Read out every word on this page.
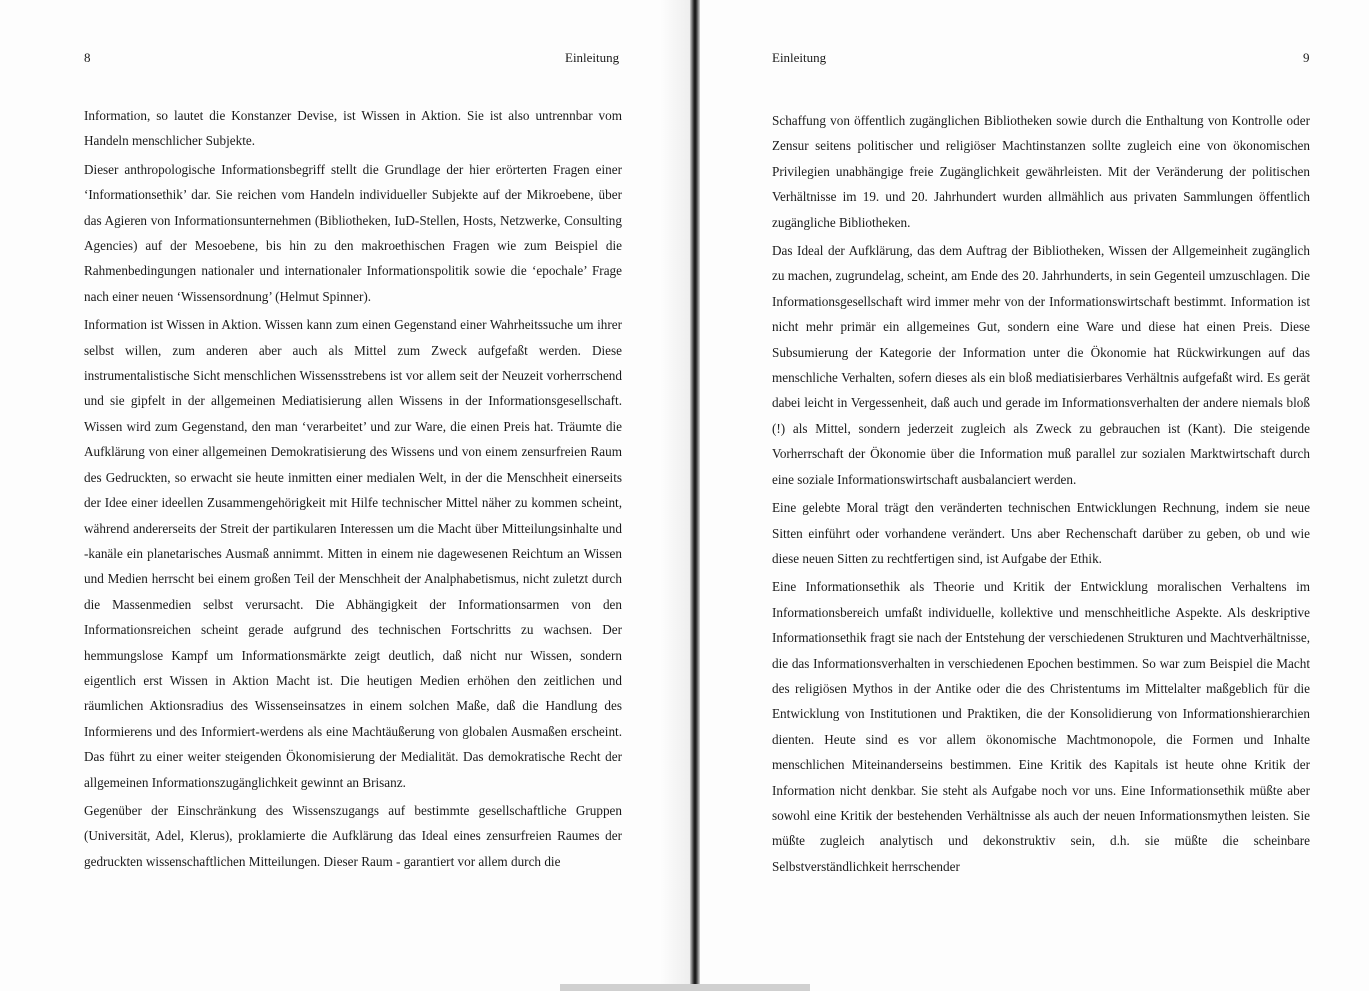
8	Einleitung

Information, so lautet die Konstanzer Devise, ist Wissen in Aktion. Sie ist also untrennbar vom Handeln menschlicher Subjekte.

Dieser anthropologische Informationsbegriff stellt die Grundlage der hier erörterten Fragen einer ‘Informationsethik’ dar. Sie reichen vom Handeln individueller Subjekte auf der Mikroebene, über das Agieren von Informationsunternehmen (Bibliotheken, IuD-Stellen, Hosts, Netzwerke, Consulting Agencies) auf der Mesoebene, bis hin zu den makroethischen Fragen wie zum Beispiel die Rahmenbedingungen nationaler und internationaler Informationspolitik sowie die ‘epochale’ Frage nach einer neuen ‘Wissensordnung’ (Helmut Spinner).

Information ist Wissen in Aktion. Wissen kann zum einen Gegenstand einer Wahrheitssuche um ihrer selbst willen, zum anderen aber auch als Mittel zum Zweck aufgefaßt werden. Diese instrumentalistische Sicht menschlichen Wissensstrebens ist vor allem seit der Neuzeit vorherrschend und sie gipfelt in der allgemeinen Mediatisierung allen Wissens in der Informationsgesellschaft. Wissen wird zum Gegenstand, den man ‘verarbeitet’ und zur Ware, die einen Preis hat. Träumte die Aufklärung von einer allgemeinen Demokratisierung des Wissens und von einem zensurfreien Raum des Gedruckten, so erwacht sie heute inmitten einer medialen Welt, in der die Menschheit einerseits der Idee einer ideellen Zusammengehörigkeit mit Hilfe technischer Mittel näher zu kommen scheint, während andererseits der Streit der partikularen Interessen um die Macht über Mitteilungsinhalte und -kanäle ein planetarisches Ausmaß annimmt. Mitten in einem nie dagewesenen Reichtum an Wissen und Medien herrscht bei einem großen Teil der Menschheit der Analphabetismus, nicht zuletzt durch die Massenmedien selbst verursacht. Die Abhängigkeit der Informationsarmen von den Informationsreichen scheint gerade aufgrund des technischen Fortschritts zu wachsen. Der hemmungslose Kampf um Informationsmärkte zeigt deutlich, daß nicht nur Wissen, sondern eigentlich erst Wissen in Aktion Macht ist. Die heutigen Medien erhöhen den zeitlichen und räumlichen Aktionsradius des Wissenseinsatzes in einem solchen Maße, daß die Handlung des Informierens und des Informiert-werdens als eine Machtäußerung von globalen Ausmaßen erscheint. Das führt zu einer weiter steigenden Ökonomisierung der Medialität. Das demokratische Recht der allgemeinen Informationszugänglichkeit gewinnt an Brisanz.

Gegenüber der Einschränkung des Wissenszugangs auf bestimmte gesellschaftliche Gruppen (Universität, Adel, Klerus), proklamierte die Aufklärung das Ideal eines zensurfreien Raumes der gedruckten wissenschaftlichen Mitteilungen. Dieser Raum - garantiert vor allem durch die

Einleitung	9

Schaffung von öffentlich zugänglichen Bibliotheken sowie durch die Enthaltung von Kontrolle oder Zensur seitens politischer und religiöser Machtinstanzen sollte zugleich eine von ökonomischen Privilegien unabhängige freie Zugänglichkeit gewährleisten. Mit der Veränderung der politischen Verhältnisse im 19. und 20. Jahrhundert wurden allmählich aus privaten Sammlungen öffentlich zugängliche Bibliotheken.

Das Ideal der Aufklärung, das dem Auftrag der Bibliotheken, Wissen der Allgemeinheit zugänglich zu machen, zugrundelag, scheint, am Ende des 20. Jahrhunderts, in sein Gegenteil umzuschlagen. Die Informationsgesellschaft wird immer mehr von der Informationswirtschaft bestimmt. Information ist nicht mehr primär ein allgemeines Gut, sondern eine Ware und diese hat einen Preis. Diese Subsumierung der Kategorie der Information unter die Ökonomie hat Rückwirkungen auf das menschliche Verhalten, sofern dieses als ein bloß mediatisierbares Verhältnis aufgefaßt wird. Es gerät dabei leicht in Vergessenheit, daß auch und gerade im Informationsverhalten der andere niemals bloß (!) als Mittel, sondern jederzeit zugleich als Zweck zu gebrauchen ist (Kant). Die steigende Vorherrschaft der Ökonomie über die Information muß parallel zur sozialen Marktwirtschaft durch eine soziale Informationswirtschaft ausbalanciert werden.

Eine gelebte Moral trägt den veränderten technischen Entwicklungen Rechnung, indem sie neue Sitten einführt oder vorhandene verändert. Uns aber Rechenschaft darüber zu geben, ob und wie diese neuen Sitten zu rechtfertigen sind, ist Aufgabe der Ethik.

Eine Informationsethik als Theorie und Kritik der Entwicklung moralischen Verhaltens im Informationsbereich umfaßt individuelle, kollektive und menschheitliche Aspekte. Als deskriptive Informationsethik fragt sie nach der Entstehung der verschiedenen Strukturen und Machtverhältnisse, die das Informationsverhalten in verschiedenen Epochen bestimmen. So war zum Beispiel die Macht des religiösen Mythos in der Antike oder die des Christentums im Mittelalter maßgeblich für die Entwicklung von Institutionen und Praktiken, die der Konsolidierung von Informationshierarchien dienten. Heute sind es vor allem ökonomische Machtmonopole, die Formen und Inhalte menschlichen Miteinanderseins bestimmen. Eine Kritik des Kapitals ist heute ohne Kritik der Information nicht denkbar. Sie steht als Aufgabe noch vor uns. Eine Informationsethik müßte aber sowohl eine Kritik der bestehenden Verhältnisse als auch der neuen Informationsmythen leisten. Sie müßte zugleich analytisch und dekonstruktiv sein, d.h. sie müßte die scheinbare Selbstverständlichkeit herrschender
